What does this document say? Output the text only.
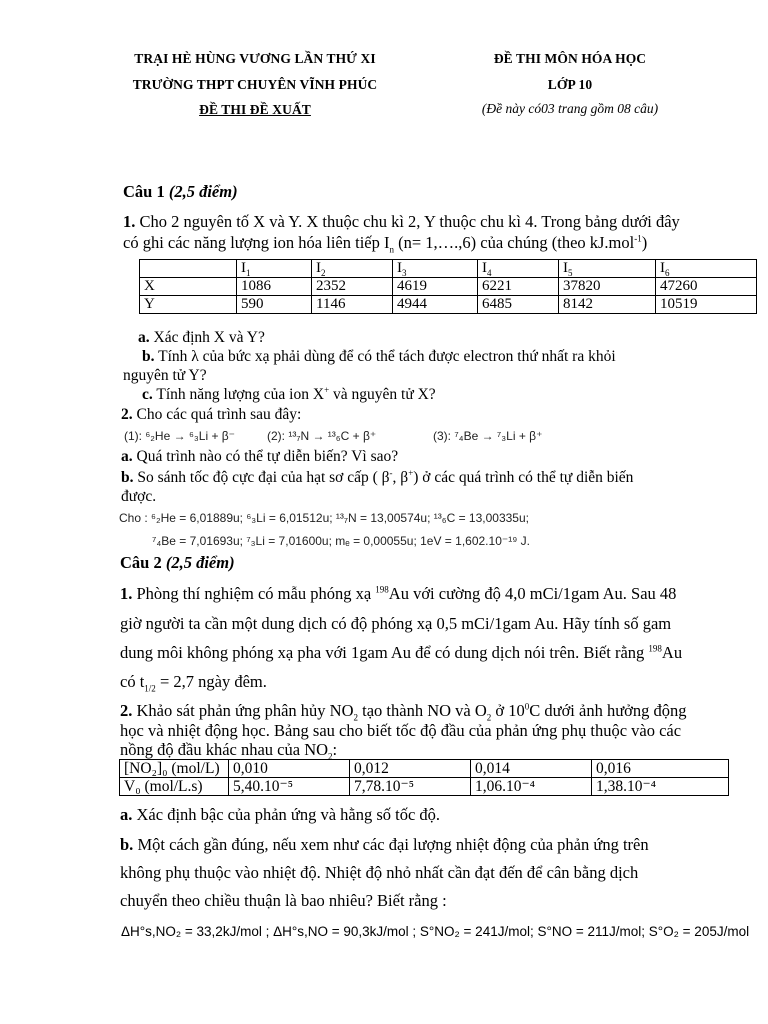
TRẠI HÈ HÙNG VƯƠNG LẦN THỨ XI
TRƯỜNG THPT CHUYÊN VĨNH PHÚC
ĐỀ THI ĐỀ XUẤT
ĐỀ THI MÔN HÓA HỌC
LỚP 10
(Đề này có03 trang gồm 08 câu)
Câu 1 (2,5 điểm)
1. Cho 2 nguyên tố X và Y. X thuộc chu kì 2, Y thuộc chu kì 4. Trong bảng dưới đây
có ghi các năng lượng ion hóa liên tiếp $I_n$ (n= 1,….,6) của chúng (theo kJ.mol$^{-1}$)
	$I_1$	$I_2$	$I_3$	$I_4$	$I_5$	$I_6$
X	1086	2352	4619	6221	37820	47260
Y	590	1146	4944	6485	8142	10519
a. Xác định X và Y?
b. Tính λ của bức xạ phải dùng để có thể tách được electron thứ nhất ra khỏi
nguyên tử Y?
c. Tính năng lượng của ion X+ và nguyên tử X?
2. Cho các quá trình sau đây:
(1): ⁶₂He → ⁶₃Li + β⁻	(2): ¹³₇N → ¹³₆C + β⁺	(3): ⁷₄Be → ⁷₃Li + β⁺
a. Quá trình nào có thể tự diễn biến? Vì sao?
b. So sánh tốc độ cực đại của hạt sơ cấp ( β-, β+) ở các quá trình có thể tự diễn biến
được.
Cho : ⁶₂He = 6,01889u; ⁶₃Li = 6,01512u; ¹³₇N = 13,00574u; ¹³₆C = 13,00335u;
⁷₄Be = 7,01693u; ⁷₃Li = 7,01600u; mₑ = 0,00055u; 1eV = 1,602.10⁻¹⁹ J.
Câu 2 (2,5 điểm)
1. Phòng thí nghiệm có mẫu phóng xạ $^{198}$Au với cường độ 4,0 mCi/1gam Au. Sau 48
giờ người ta cần một dung dịch có độ phóng xạ 0,5 mCi/1gam Au. Hãy tính số gam
dung môi không phóng xạ pha với 1gam Au để có dung dịch nói trên. Biết rằng $^{198}$Au
có $t_{1/2} = 2,7$ ngày đêm.
2. Khảo sát phản ứng phân hủy $NO_2$ tạo thành NO và $O_2$ ở $10^0C$ dưới ảnh hưởng động
học và nhiệt động học. Bảng sau cho biết tốc độ đầu của phản ứng phụ thuộc vào các
nồng độ đầu khác nhau của $NO_2$:
[NO₂]₀ (mol/L)	0,010	0,012	0,014	0,016
V₀ (mol/L.s)	5,40.10⁻⁵	7,78.10⁻⁵	1,06.10⁻⁴	1,38.10⁻⁴
a. Xác định bậc của phản ứng và hằng số tốc độ.
b. Một cách gần đúng, nếu xem như các đại lượng nhiệt động của phản ứng trên
không phụ thuộc vào nhiệt độ. Nhiệt độ nhỏ nhất cần đạt đến để cân bằng dịch
chuyển theo chiều thuận là bao nhiêu? Biết rằng :
ΔH°s,NO₂ = 33,2kJ/mol ; ΔH°s,NO = 90,3kJ/mol ; S°NO₂ = 241J/mol; S°NO = 211J/mol; S°O₂ = 205J/mol
